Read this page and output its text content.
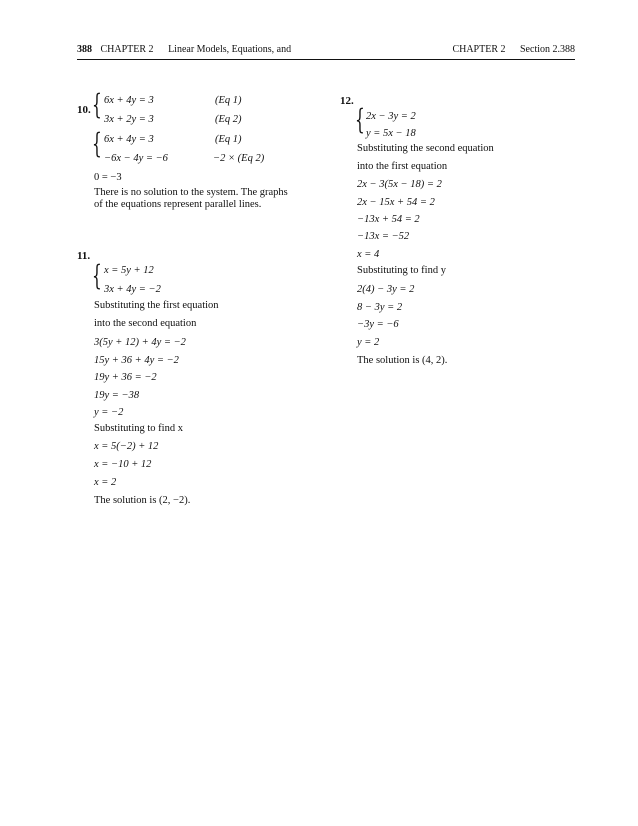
388 CHAPTER 2 Linear Models, Equations, and	CHAPTER 2 Section 2.388
10. { 6x + 4y = 3	(Eq 1)
3x + 2y = 3	(Eq 2)
{ 6x + 4y = 3	(Eq 1)
−6x − 4y = −6	−2 × (Eq 2)
0 = −3
There is no solution to the system. The graphs of the equations represent parallel lines.
11.
{ x = 5y + 12
3x + 4y = −2
Substituting the first equation
into the second equation
3(5y + 12) + 4y = −2
15y + 36 + 4y = −2
19y + 36 = −2
19y = −38
y = −2
Substituting to find x
x = 5(−2) + 12
x = −10 + 12
x = 2
The solution is (2, −2).
12.
{ 2x − 3y = 2
y = 5x − 18
Substituting the second equation
into the first equation
2x − 3(5x − 18) = 2
2x − 15x + 54 = 2
−13x + 54 = 2
−13x = −52
x = 4
Substituting to find y
2(4) − 3y = 2
8 − 3y = 2
−3y = −6
y = 2
The solution is (4, 2).
